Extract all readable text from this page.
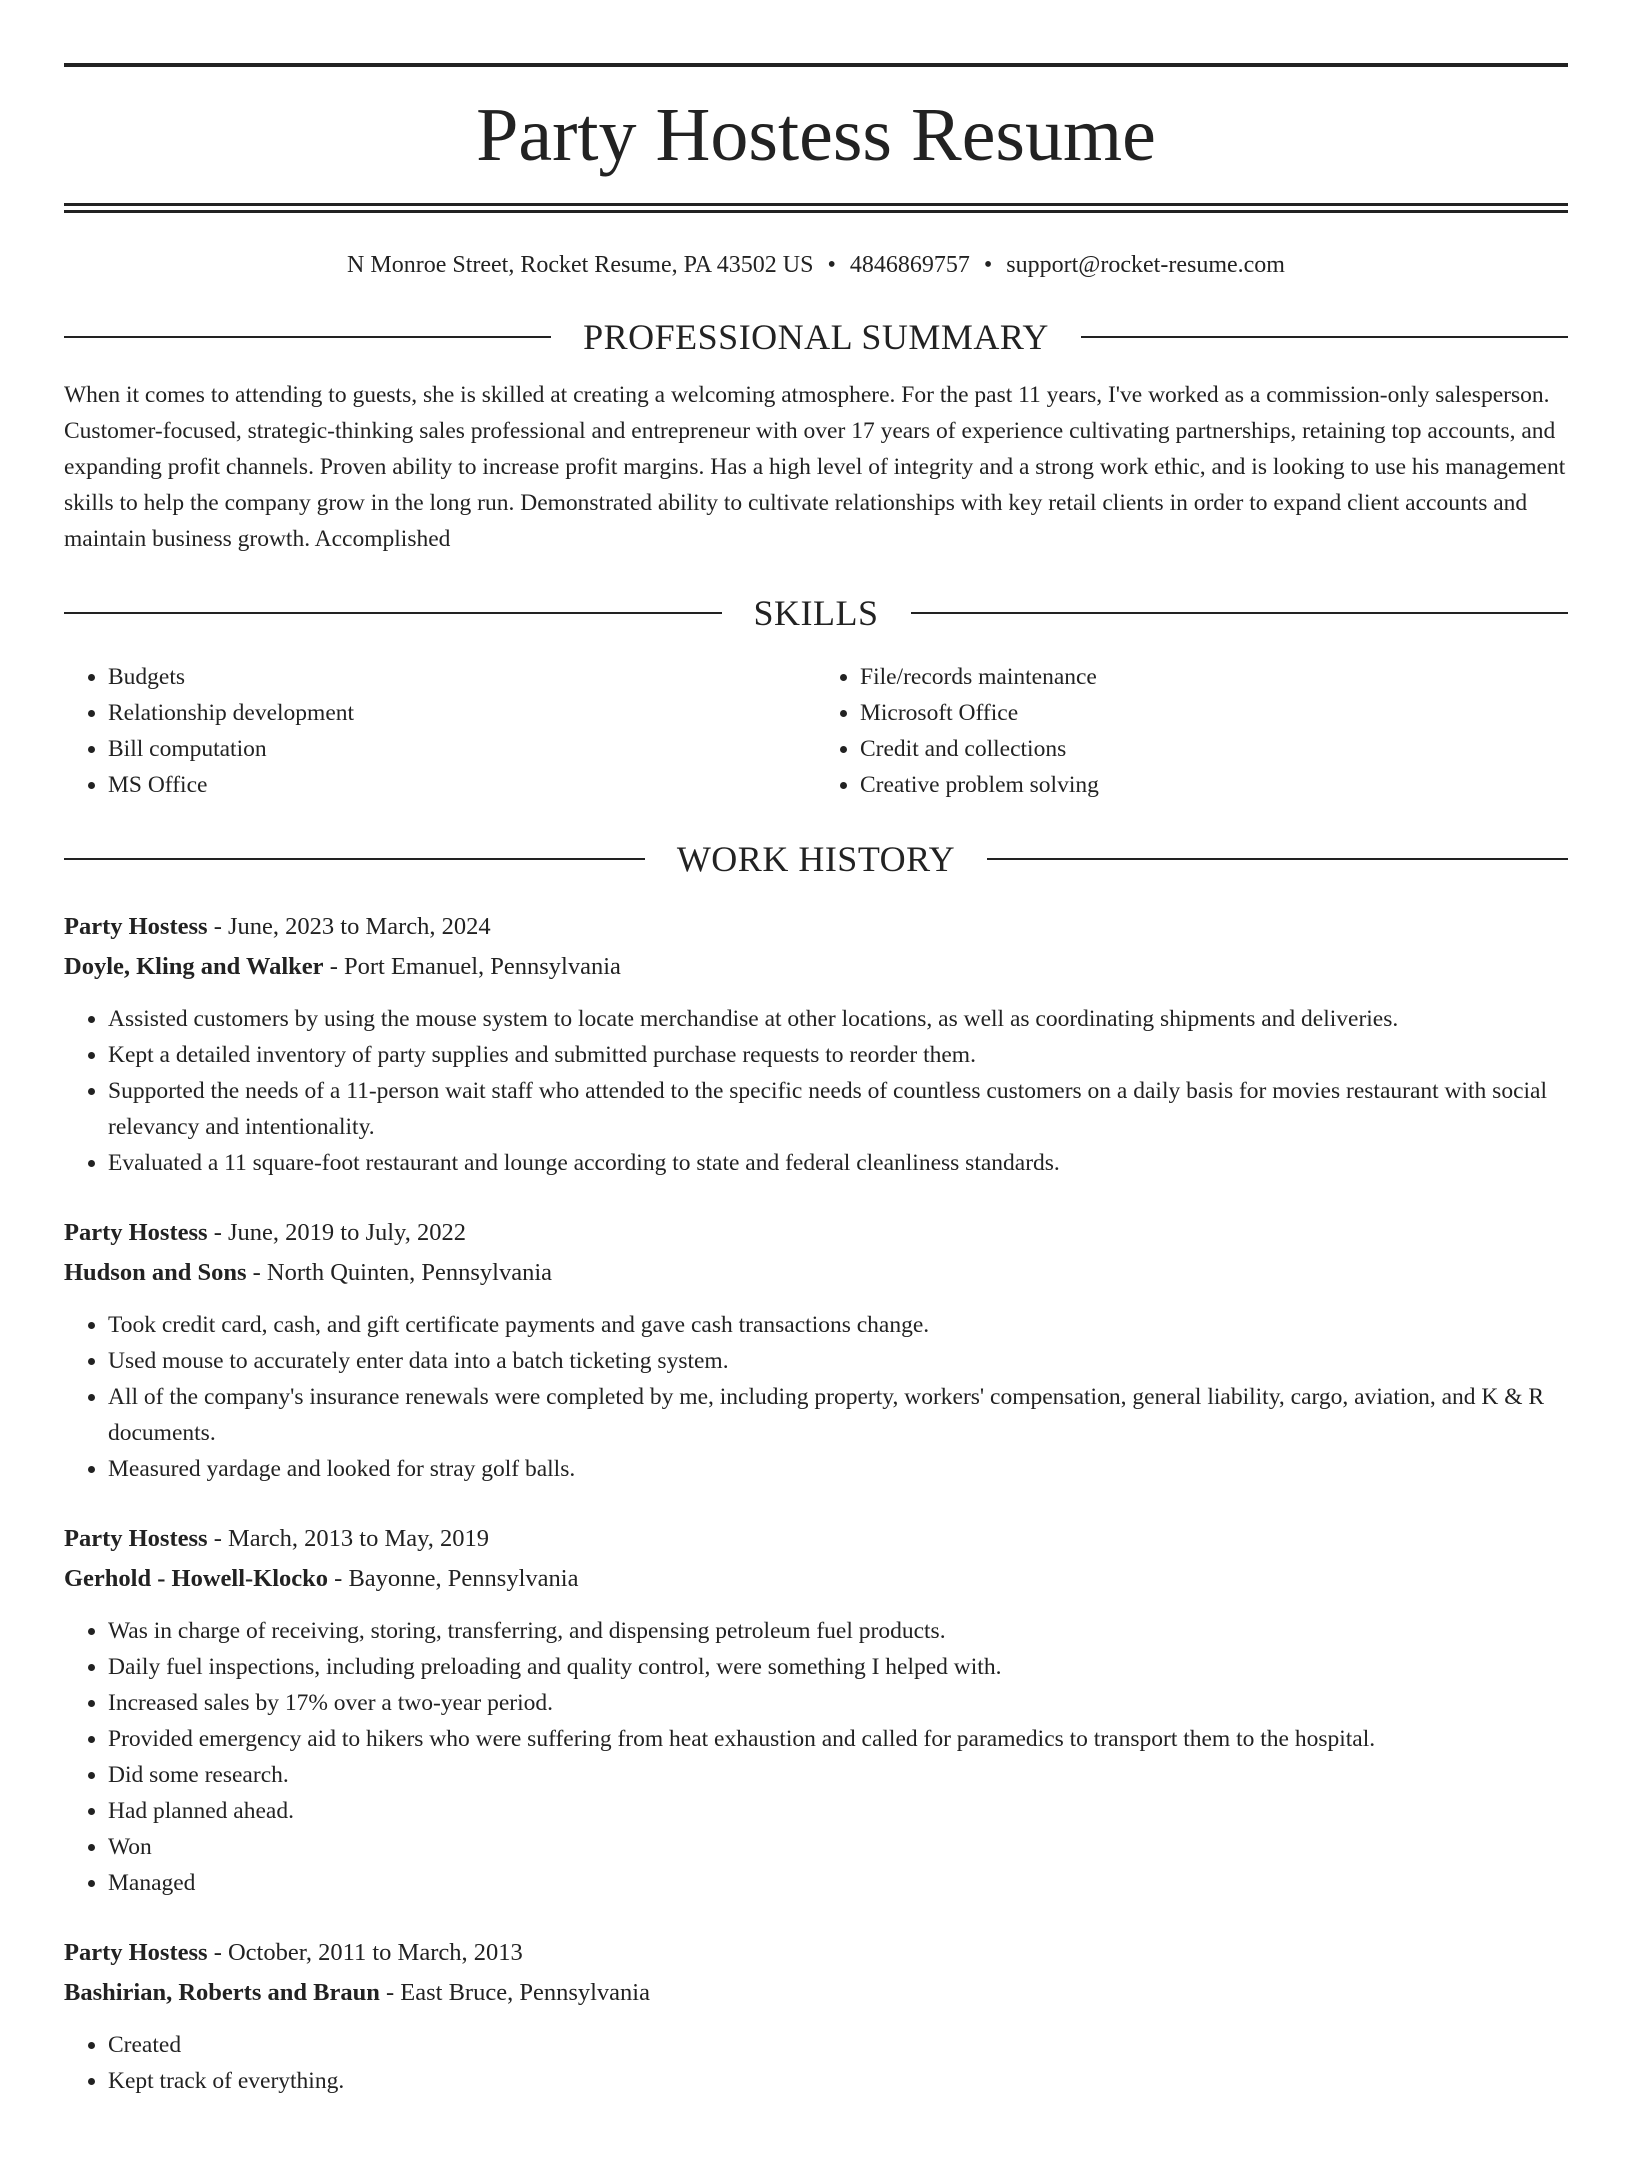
Party Hostess Resume
N Monroe Street, Rocket Resume, PA 43502 US • 4846869757 • support@rocket-resume.com
PROFESSIONAL SUMMARY
When it comes to attending to guests, she is skilled at creating a welcoming atmosphere. For the past 11 years, I've worked as a commission-only salesperson. Customer-focused, strategic-thinking sales professional and entrepreneur with over 17 years of experience cultivating partnerships, retaining top accounts, and expanding profit channels. Proven ability to increase profit margins. Has a high level of integrity and a strong work ethic, and is looking to use his management skills to help the company grow in the long run. Demonstrated ability to cultivate relationships with key retail clients in order to expand client accounts and maintain business growth. Accomplished
SKILLS
• Budgets
• Relationship development
• Bill computation
• MS Office
• File/records maintenance
• Microsoft Office
• Credit and collections
• Creative problem solving
WORK HISTORY
Party Hostess - June, 2023 to March, 2024
Doyle, Kling and Walker - Port Emanuel, Pennsylvania
• Assisted customers by using the mouse system to locate merchandise at other locations, as well as coordinating shipments and deliveries.
• Kept a detailed inventory of party supplies and submitted purchase requests to reorder them.
• Supported the needs of a 11-person wait staff who attended to the specific needs of countless customers on a daily basis for movies restaurant with social relevancy and intentionality.
• Evaluated a 11 square-foot restaurant and lounge according to state and federal cleanliness standards.
Party Hostess - June, 2019 to July, 2022
Hudson and Sons - North Quinten, Pennsylvania
• Took credit card, cash, and gift certificate payments and gave cash transactions change.
• Used mouse to accurately enter data into a batch ticketing system.
• All of the company's insurance renewals were completed by me, including property, workers' compensation, general liability, cargo, aviation, and K & R documents.
• Measured yardage and looked for stray golf balls.
Party Hostess - March, 2013 to May, 2019
Gerhold - Howell-Klocko - Bayonne, Pennsylvania
• Was in charge of receiving, storing, transferring, and dispensing petroleum fuel products.
• Daily fuel inspections, including preloading and quality control, were something I helped with.
• Increased sales by 17% over a two-year period.
• Provided emergency aid to hikers who were suffering from heat exhaustion and called for paramedics to transport them to the hospital.
• Did some research.
• Had planned ahead.
• Won
• Managed
Party Hostess - October, 2011 to March, 2013
Bashirian, Roberts and Braun - East Bruce, Pennsylvania
• Created
• Kept track of everything.
